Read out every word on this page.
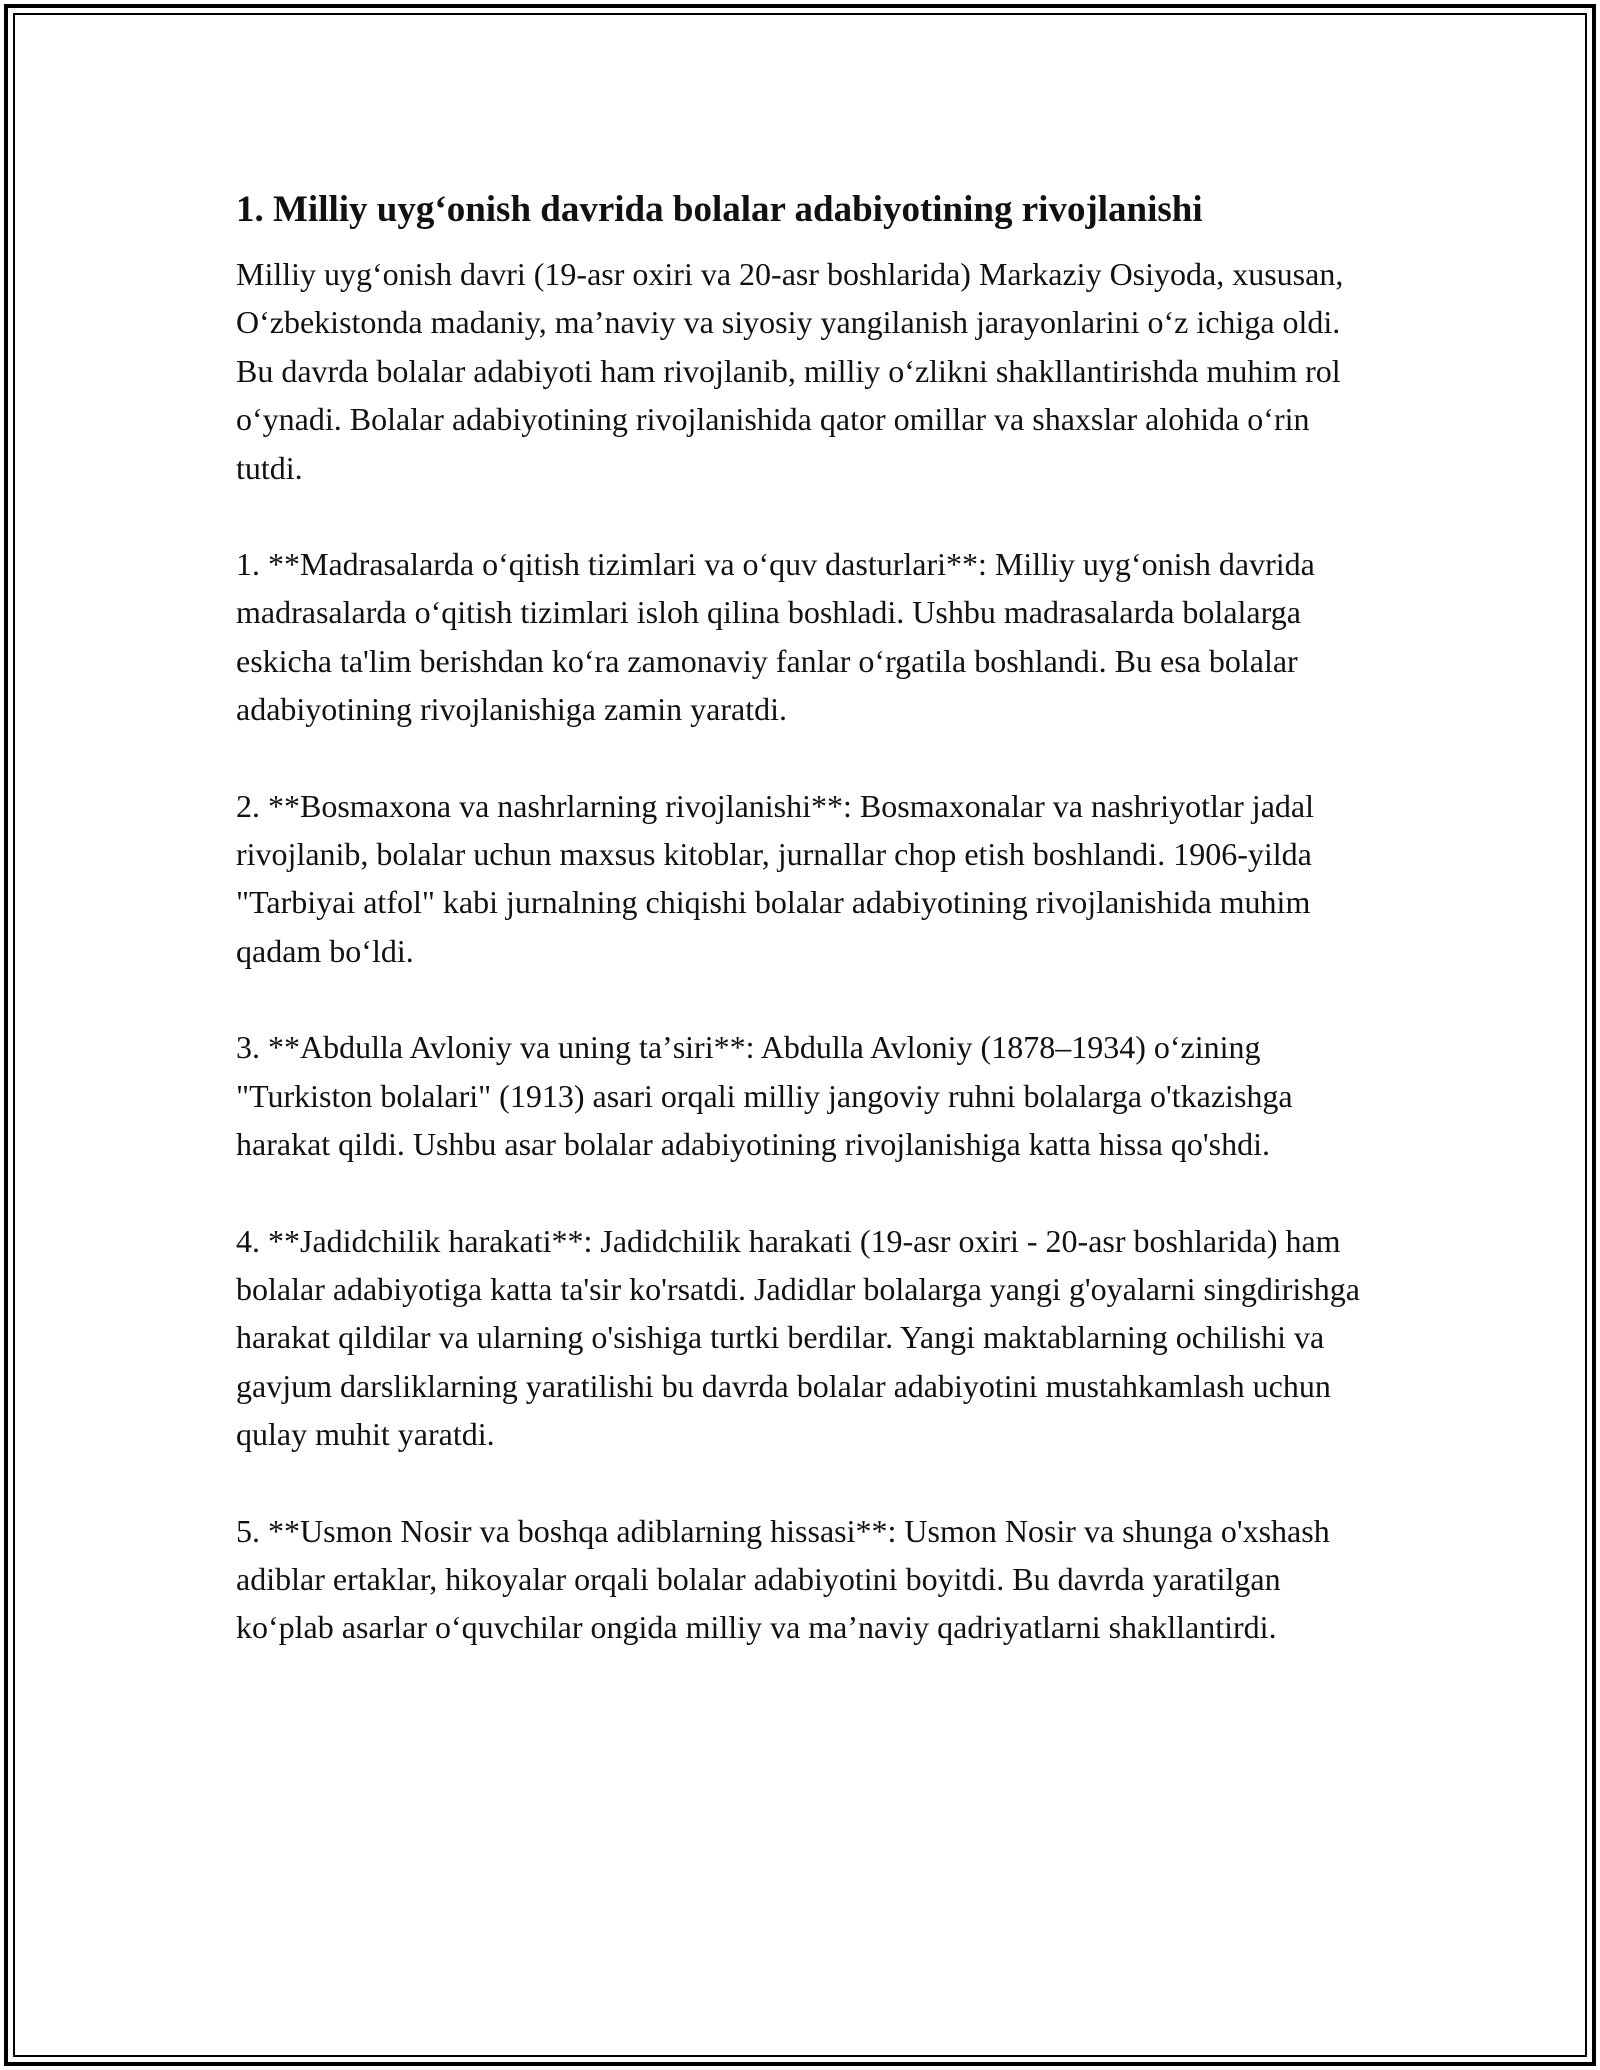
1. Milliy uygʻonish davrida bolalar adabiyotining rivojlanishi

Milliy uygʻonish davri (19-asr oxiri va 20-asr boshlarida) Markaziy Osiyoda, xususan, Oʻzbekistonda madaniy, maʼnaviy va siyosiy yangilanish jarayonlarini oʻz ichiga oldi. Bu davrda bolalar adabiyoti ham rivojlanib, milliy oʻzlikni shakllantirishda muhim rol oʻynadi. Bolalar adabiyotining rivojlanishida qator omillar va shaxslar alohida oʻrin tutdi.

1. **Madrasalarda oʻqitish tizimlari va oʻquv dasturlari**: Milliy uygʻonish davrida madrasalarda oʻqitish tizimlari isloh qilina boshladi. Ushbu madrasalarda bolalarga eskicha ta'lim berishdan koʻra zamonaviy fanlar oʻrgatila boshlandi. Bu esa bolalar adabiyotining rivojlanishiga zamin yaratdi.

2. **Bosmaxona va nashrlarning rivojlanishi**: Bosmaxonalar va nashriyotlar jadal rivojlanib, bolalar uchun maxsus kitoblar, jurnallar chop etish boshlandi. 1906-yilda "Tarbiyai atfol" kabi jurnalning chiqishi bolalar adabiyotining rivojlanishida muhim qadam boʻldi.

3. **Abdulla Avloniy va uning taʼsiri**: Abdulla Avloniy (1878–1934) oʻzining "Turkiston bolalari" (1913) asari orqali milliy jangoviy ruhni bolalarga o'tkazishga harakat qildi. Ushbu asar bolalar adabiyotining rivojlanishiga katta hissa qo'shdi.

4. **Jadidchilik harakati**: Jadidchilik harakati (19-asr oxiri - 20-asr boshlarida) ham bolalar adabiyotiga katta ta'sir ko'rsatdi. Jadidlar bolalarga yangi g'oyalarni singdirishga harakat qildilar va ularning o'sishiga turtki berdilar. Yangi maktablarning ochilishi va gavjum darsliklarning yaratilishi bu davrda bolalar adabiyotini mustahkamlash uchun qulay muhit yaratdi.

5. **Usmon Nosir va boshqa adiblarning hissasi**: Usmon Nosir va shunga o'xshash adiblar ertaklar, hikoyalar orqali bolalar adabiyotini boyitdi. Bu davrda yaratilgan koʻplab asarlar oʻquvchilar ongida milliy va maʼnaviy qadriyatlarni shakllantirdi.
